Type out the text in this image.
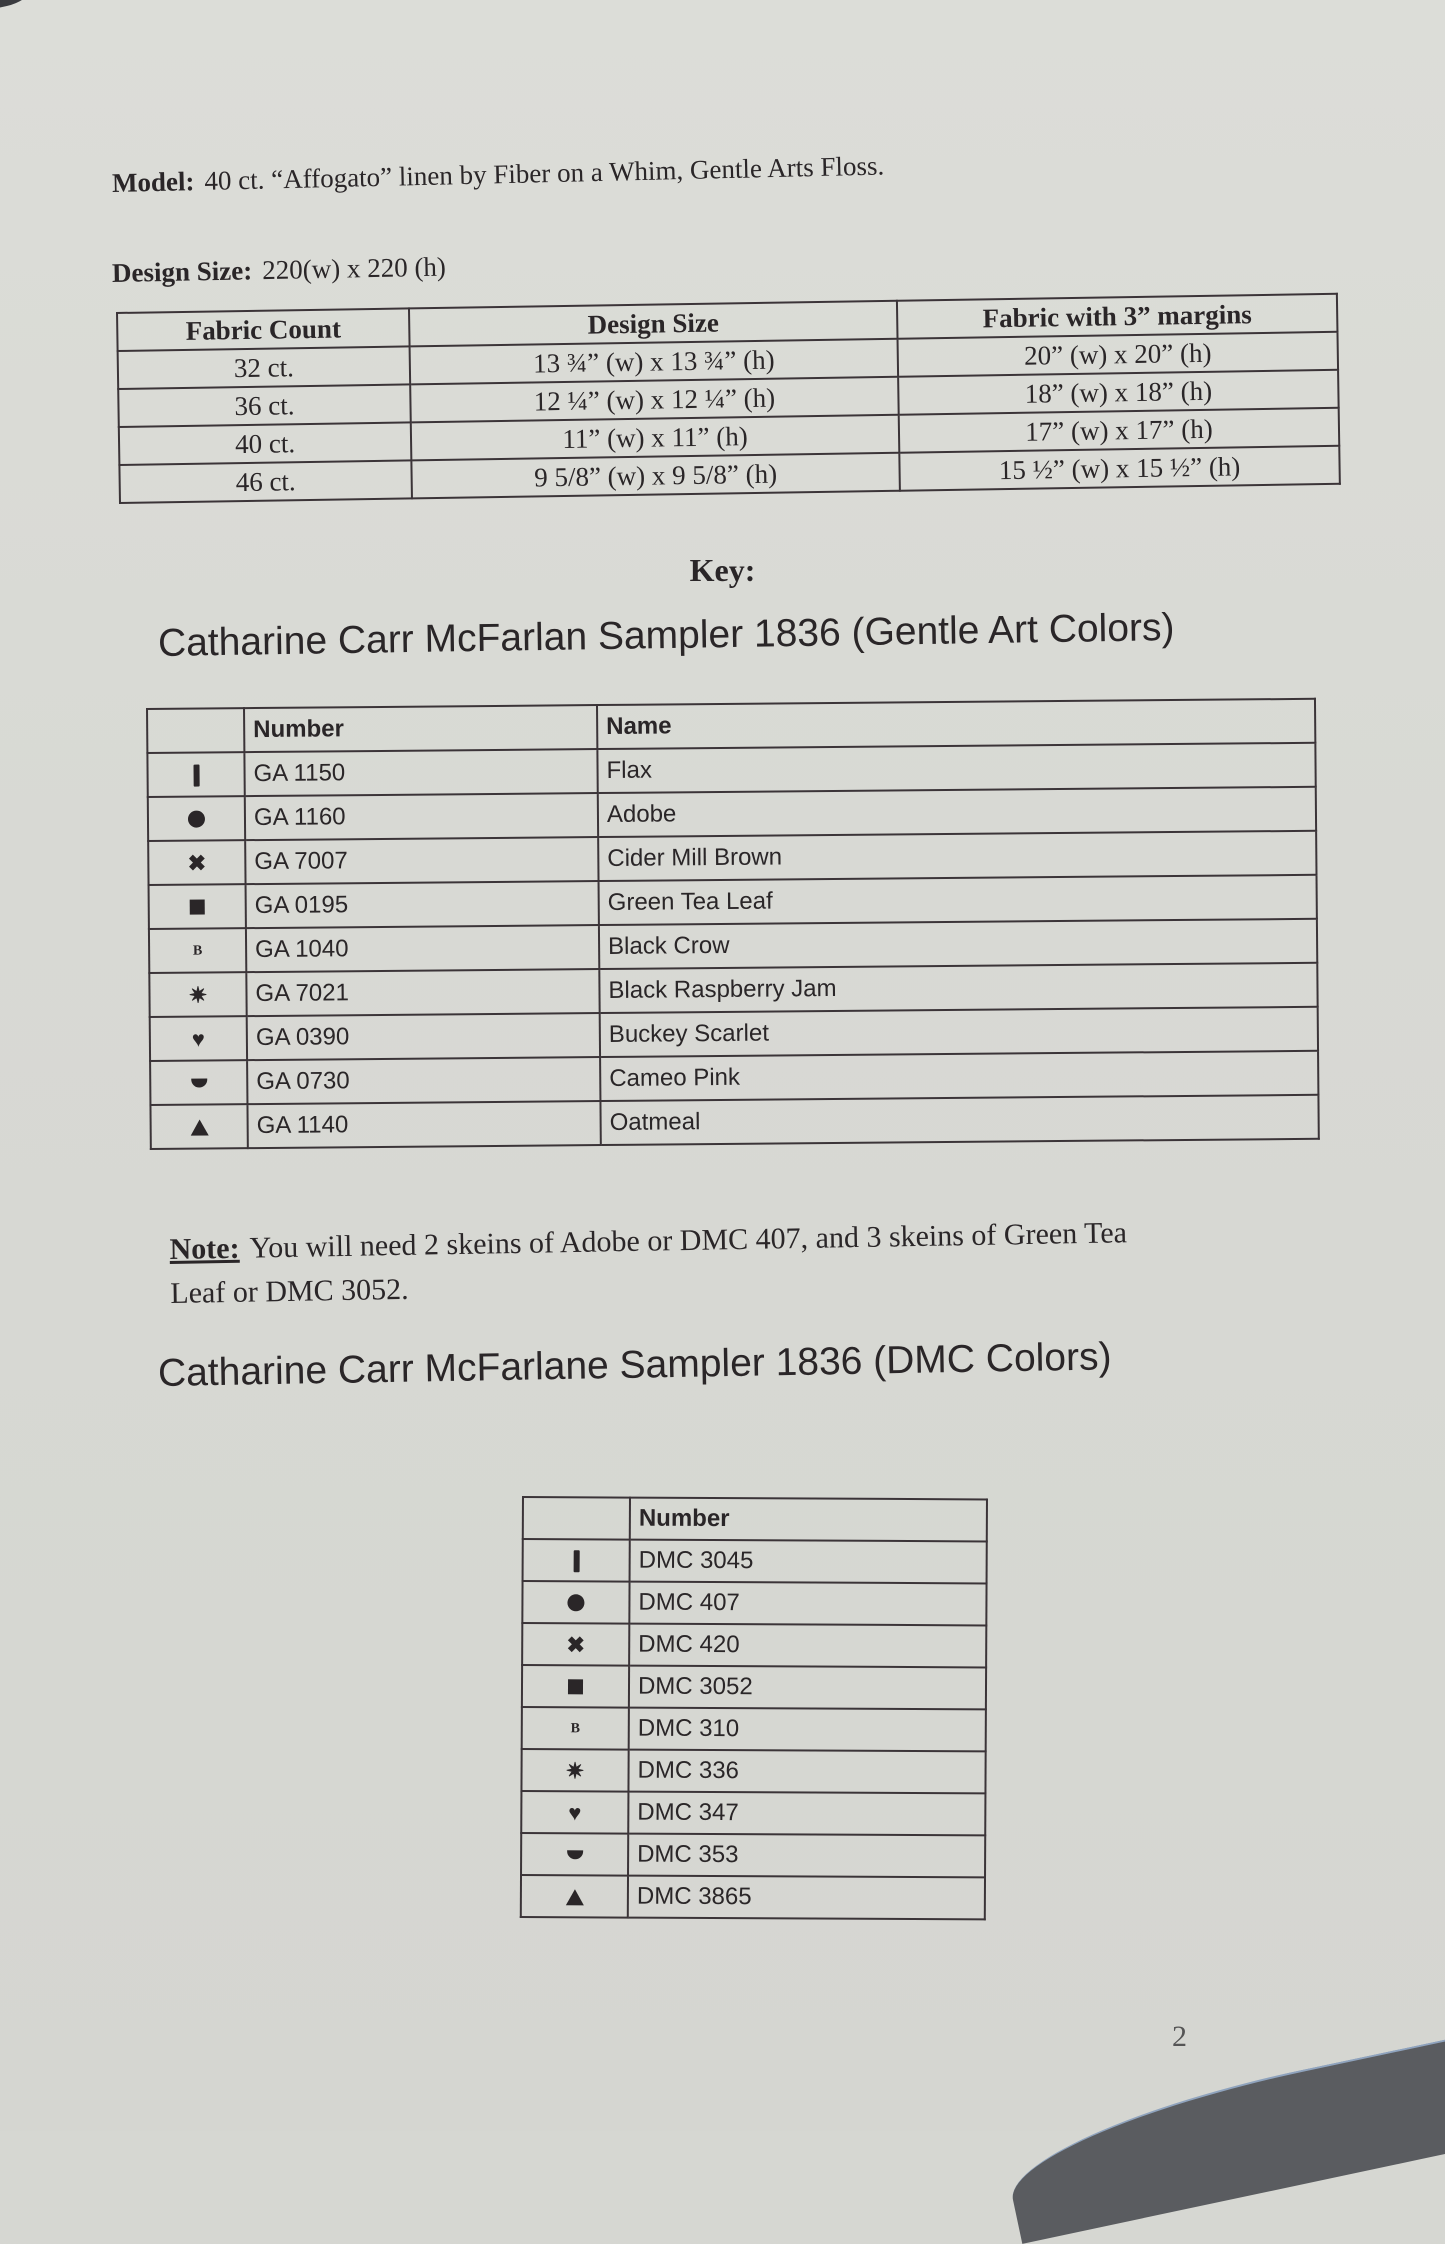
Model: 40 ct. “Affogato” linen by Fiber on a Whim, Gentle Arts Floss.
Design Size: 220(w) x 220 (h)
Fabric Count	Design Size	Fabric with 3” margins
32 ct.	13 ¾” (w) x 13 ¾” (h)	20” (w) x 20” (h)
36 ct.	12 ¼” (w) x 12 ¼” (h)	18” (w) x 18” (h)
40 ct.	11” (w) x 11” (h)	17” (w) x 17” (h)
46 ct.	9 5/8” (w) x 9 5/8” (h)	15 ½” (w) x 15 ½” (h)
Key:
Catharine Carr McFarlan Sampler 1836 (Gentle Art Colors)
	Number	Name
	GA 1150	Flax
	GA 1160	Adobe
✖	GA 7007	Cider Mill Brown
	GA 0195	Green Tea Leaf
B	GA 1040	Black Crow
✷	GA 7021	Black Raspberry Jam
♥	GA 0390	Buckey Scarlet
	GA 0730	Cameo Pink
	GA 1140	Oatmeal
Note: You will need 2 skeins of Adobe or DMC 407, and 3 skeins of Green Tea
Leaf or DMC 3052.
Catharine Carr McFarlane Sampler 1836 (DMC Colors)
	Number
	DMC 3045
	DMC 407
✖	DMC 420
	DMC 3052
B	DMC 310
✷	DMC 336
♥	DMC 347
	DMC 353
	DMC 3865
2
